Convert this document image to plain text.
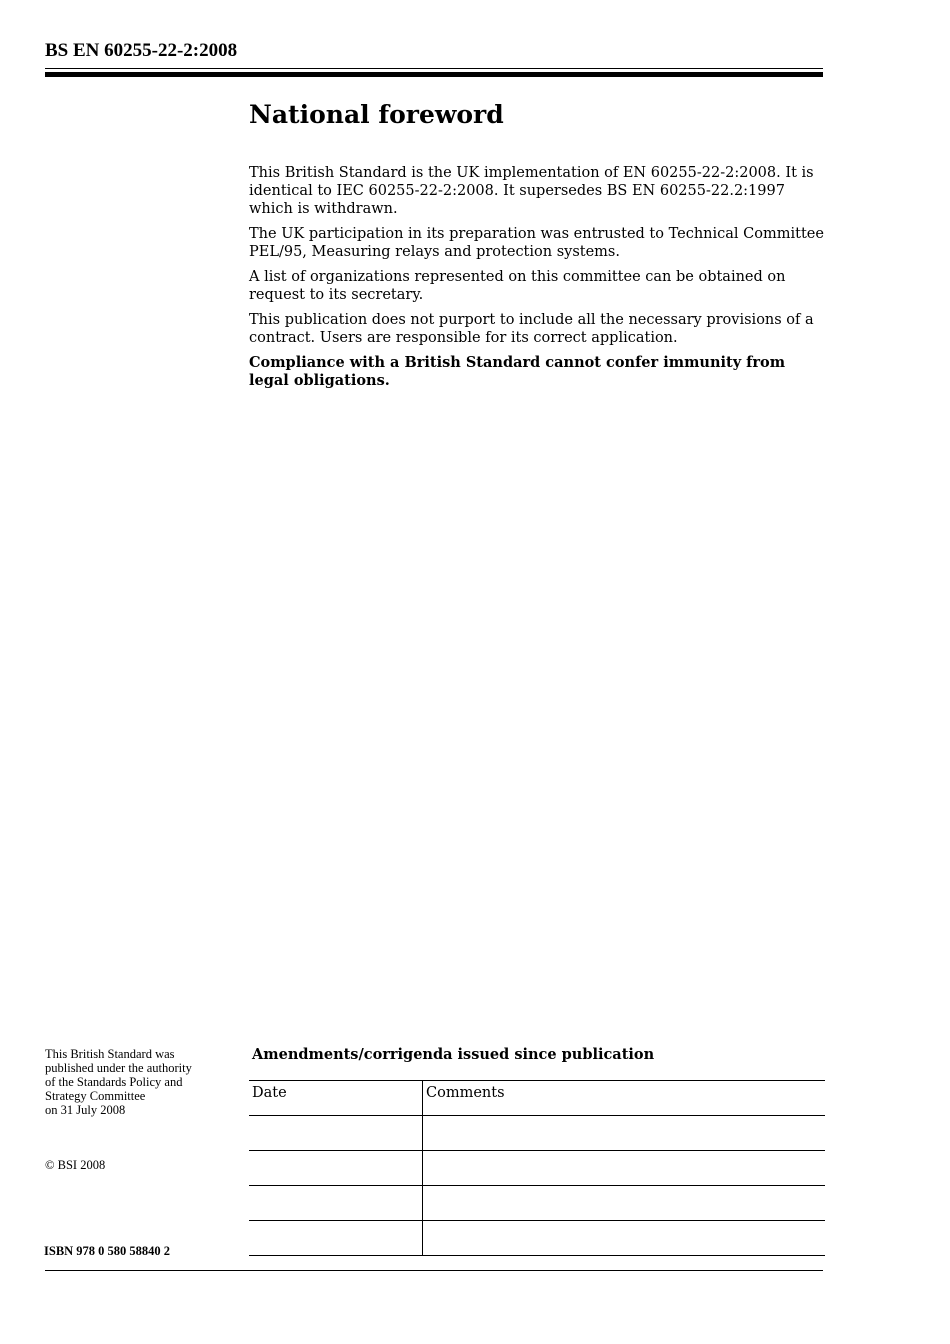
BS EN 60255-22-2:2008
National foreword

This British Standard is the UK implementation of EN 60255-22-2:2008. It is identical to IEC 60255-22-2:2008. It supersedes BS EN 60255-22.2:1997 which is withdrawn.

The UK participation in its preparation was entrusted to Technical Committee PEL/95, Measuring relays and protection systems.

A list of organizations represented on this committee can be obtained on request to its secretary.

This publication does not purport to include all the necessary provisions of a contract. Users are responsible for its correct application.

Compliance with a British Standard cannot confer immunity from legal obligations.

This British Standard was

published under the authority

of the Standards Policy and

Strategy Committee

on 31 July 2008

© BSI 2008
ISBN 978 0 580 58840 2
Amendments/corrigenda issued since publication
Date	Comments
